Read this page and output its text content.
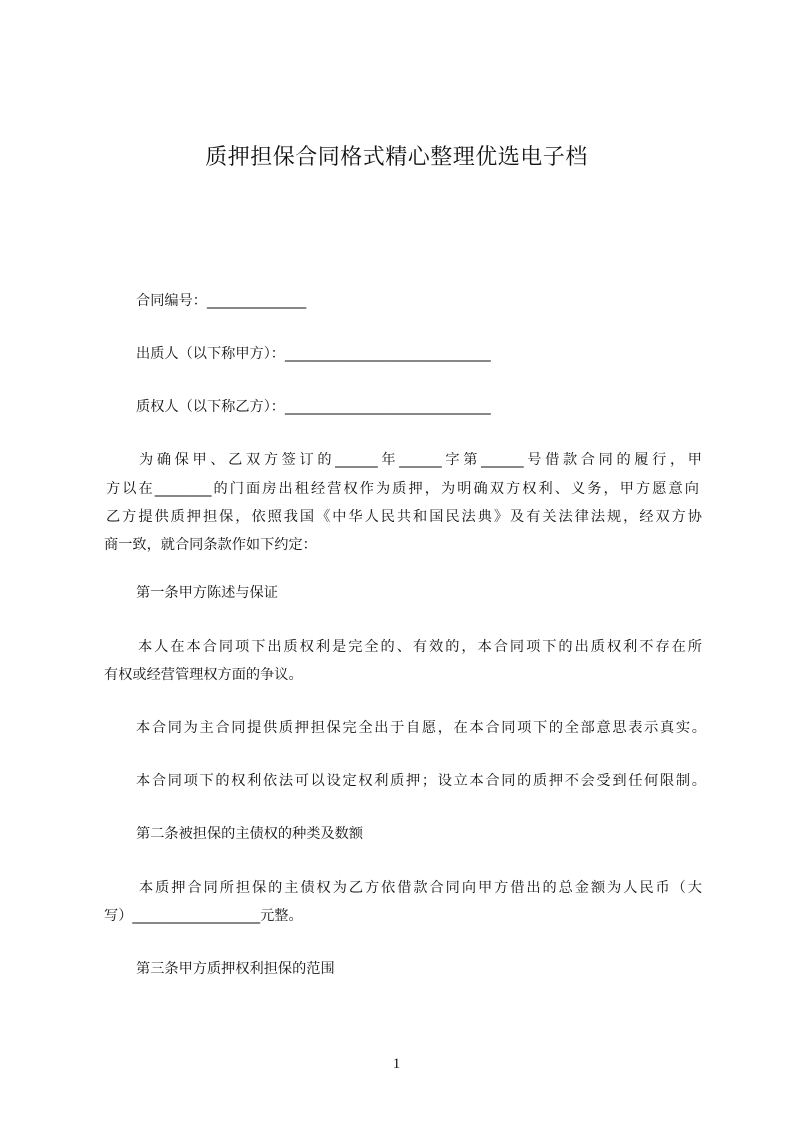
质押担保合同格式精心整理优选电子档

合同编号：______________

出质人（以下称甲方）：_____________________________

质权人（以下称乙方）：_____________________________

为确保甲、乙双方签订的______年______字第______号借款合同的履行，甲

方以在________的门面房出租经营权作为质押，为明确双方权利、义务，甲方愿意向

乙方提供质押担保，依照我国《中华人民共和国民法典》及有关法律法规，经双方协

商一致，就合同条款作如下约定：

第一条甲方陈述与保证

本人在本合同项下出质权利是完全的、有效的，本合同项下的出质权利不存在所

有权或经营管理权方面的争议。

本合同为主合同提供质押担保完全出于自愿，在本合同项下的全部意思表示真实。

本合同项下的权利依法可以设定权利质押；设立本合同的质押不会受到任何限制。

第二条被担保的主债权的种类及数额

本质押合同所担保的主债权为乙方依借款合同向甲方借出的总金额为人民币（大

写）__________________元整。

第三条甲方质押权利担保的范围

1
